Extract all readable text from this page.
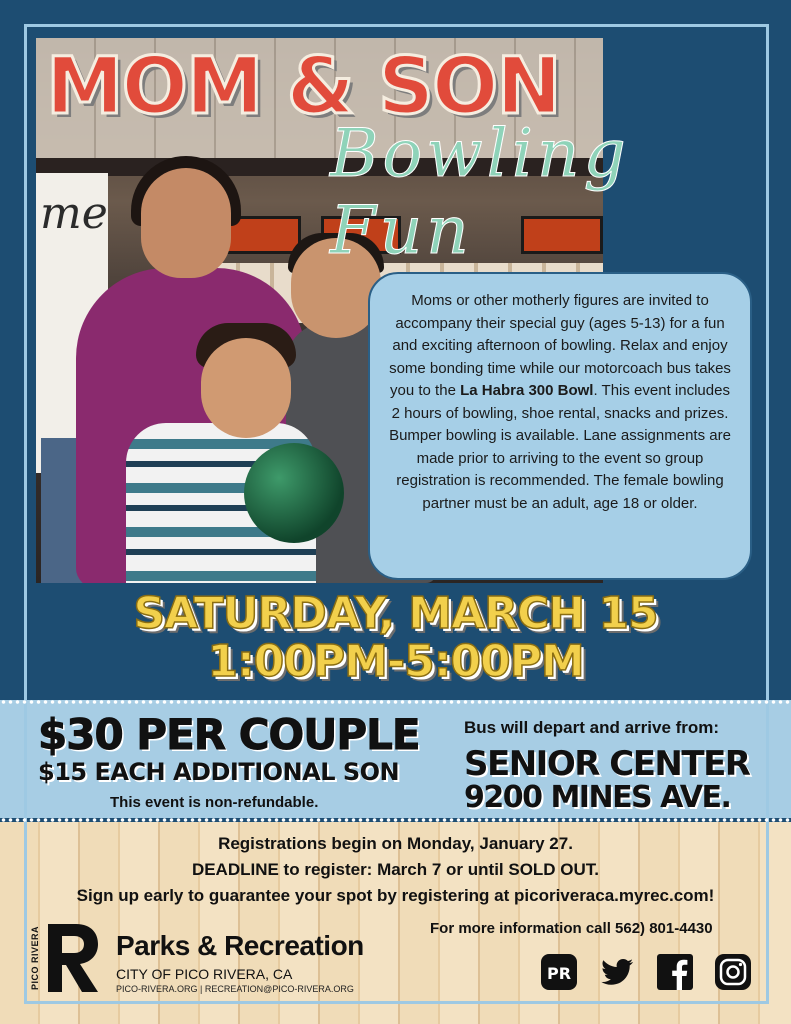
me
MOM & SON
Bowling Fun

Moms or other motherly figures are invited to accompany their special guy (ages 5-13) for a fun and exciting afternoon of bowling. Relax and enjoy some bonding time while our motorcoach bus takes you to the La Habra 300 Bowl. This event includes 2 hours of bowling, shoe rental, snacks and prizes. Bumper bowling is available. Lane assignments are made prior to arriving to the event so group registration is recommended. The female bowling partner must be an adult, age 18 or older.

SATURDAY, MARCH 15
1:00PM-5:00PM
$30 PER COUPLE
$15 EACH ADDITIONAL SON
This event is non-refundable.
Bus will depart and arrive from:
SENIOR CENTER
9200 MINES AVE.
Registrations begin on Monday, January 27.
DEADLINE to register: March 7 or until SOLD OUT.
Sign up early to guarantee your spot by registering at picoriveraca.myrec.com!
PICO RIVERA	Parks & Recreation
CITY OF PICO RIVERA, CA
PICO-RIVERA.ORG | RECREATION@PICO-RIVERA.ORG
For more information call 562) 801-4430
PR
